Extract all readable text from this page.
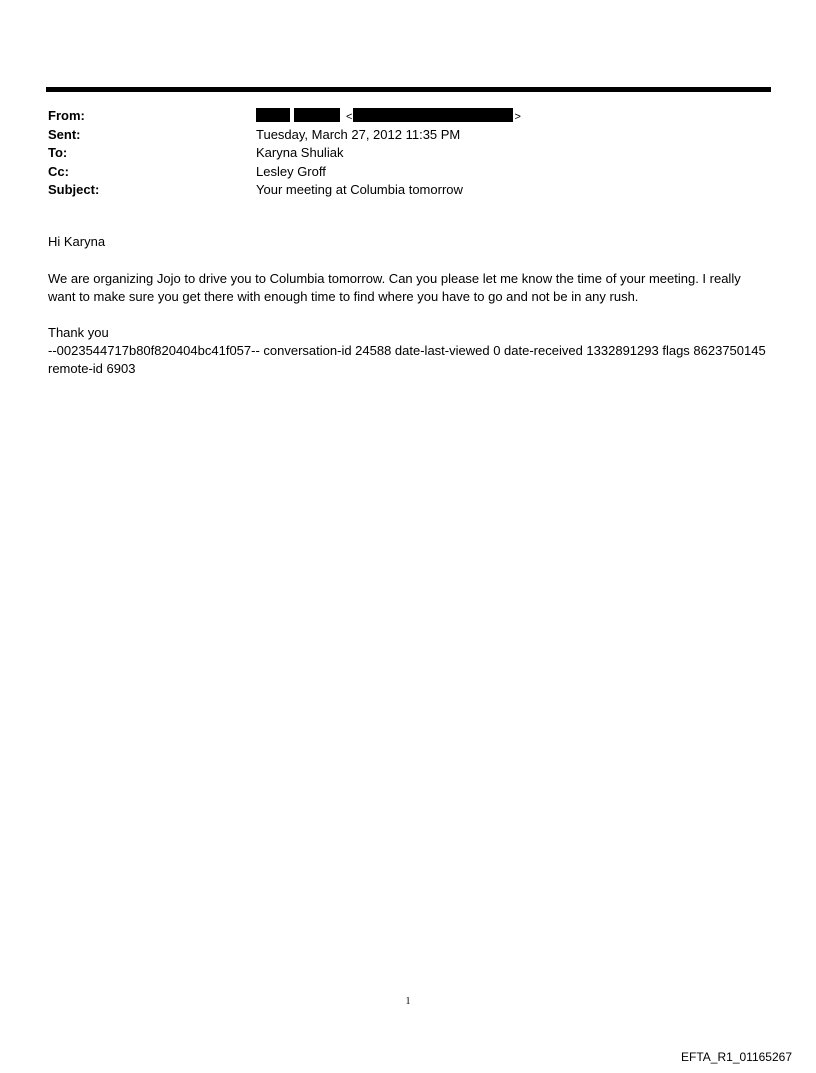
From:	<	>
Sent:	Tuesday, March 27, 2012 11:35 PM
To:	Karyna Shuliak
Cc:	Lesley Groff
Subject:	Your meeting at Columbia tomorrow

Hi Karyna

We are organizing Jojo to drive you to Columbia tomorrow. Can you please let me know the time of your meeting. I really want to make sure you get there with enough time to find where you have to go and not be in any rush.

Thank you
--0023544717b80f820404bc41f057-- conversation-id 24588 date-last-viewed 0 date-received 1332891293 flags 8623750145 remote-id 6903
1
EFTA_R1_01165267
